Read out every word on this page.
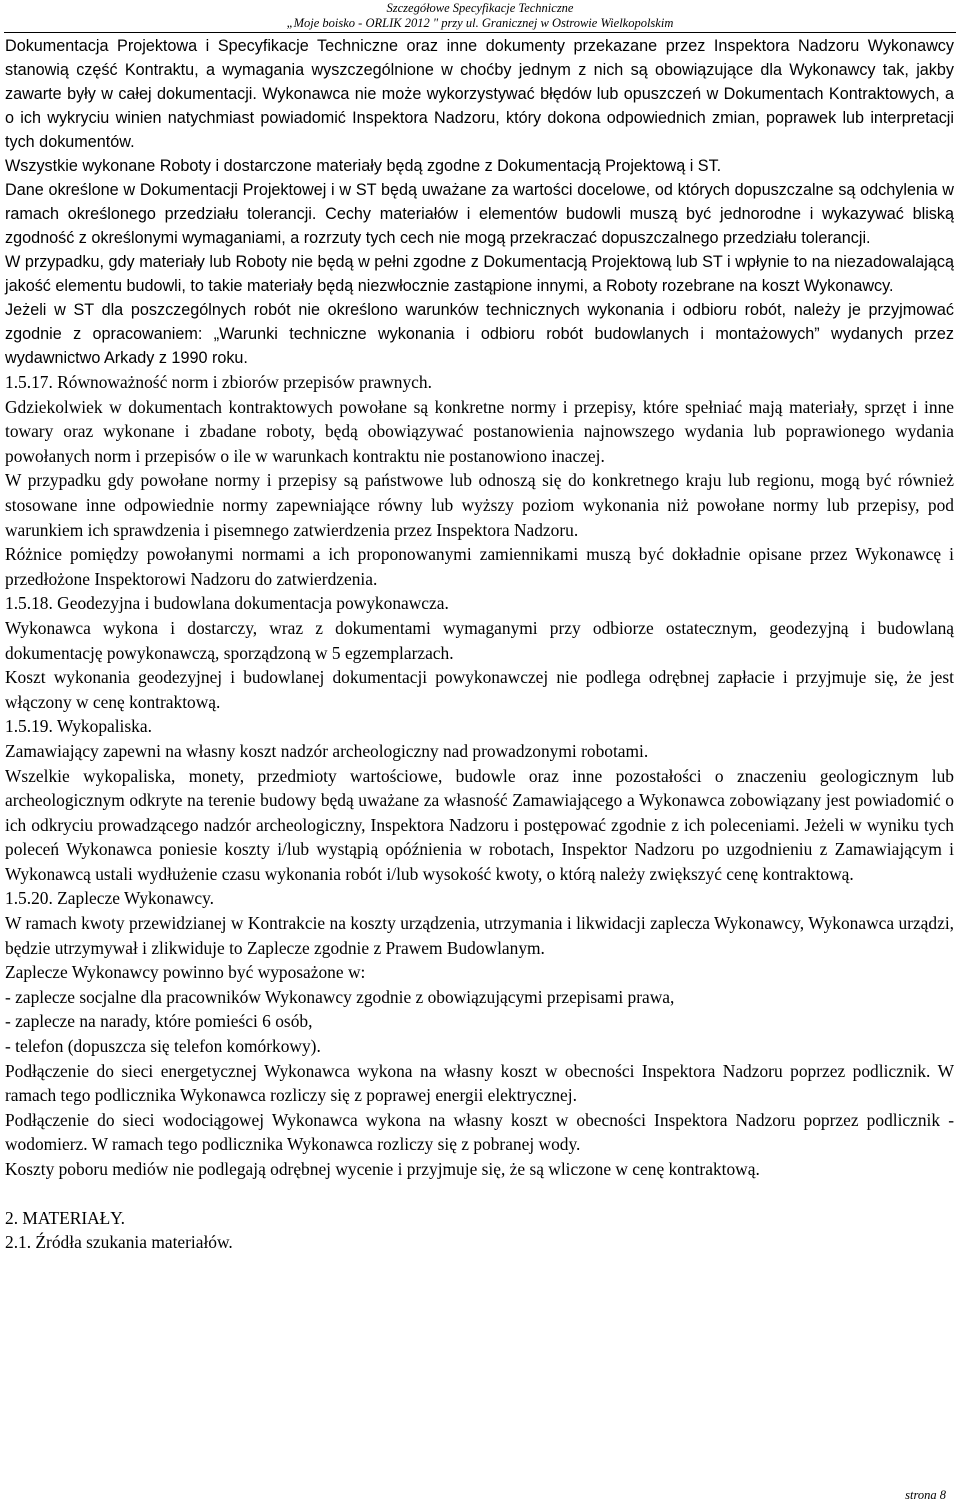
Szczegółowe Specyfikacje Techniczne
„Moje boisko - ORLIK 2012 " przy ul. Granicznej w Ostrowie Wielkopolskim

Dokumentacja Projektowa i Specyfikacje Techniczne oraz inne dokumenty przekazane przez Inspektora Nadzoru Wykonawcy stanowią część Kontraktu, a wymagania wyszczególnione w choćby jednym z nich są obowiązujące dla Wykonawcy tak, jakby zawarte były w całej dokumentacji. Wykonawca nie może wykorzystywać błędów lub opuszczeń w Dokumentach Kontraktowych, a o ich wykryciu winien natychmiast powiadomić Inspektora Nadzoru, który dokona odpowiednich zmian, poprawek lub interpretacji tych dokumentów.

Wszystkie wykonane Roboty i dostarczone materiały będą zgodne z Dokumentacją Projektową i ST.

Dane określone w Dokumentacji Projektowej i w ST będą uważane za wartości docelowe, od których dopuszczalne są odchylenia w ramach określonego przedziału tolerancji. Cechy materiałów i elementów budowli muszą być jednorodne i wykazywać bliską zgodność z określonymi wymaganiami, a rozrzuty tych cech nie mogą przekraczać dopuszczalnego przedziału tolerancji.

W przypadku, gdy materiały lub Roboty nie będą w pełni zgodne z Dokumentacją Projektową lub ST i wpłynie to na niezadowalającą jakość elementu budowli, to takie materiały będą niezwłocznie zastąpione innymi, a Roboty rozebrane na koszt Wykonawcy.

Jeżeli w ST dla poszczególnych robót nie określono warunków technicznych wykonania i odbioru robót, należy je przyjmować zgodnie z opracowaniem: „Warunki techniczne wykonania i odbioru robót budowlanych i montażowych” wydanych przez wydawnictwo Arkady z 1990 roku.

1.5.17. Równoważność norm i zbiorów przepisów prawnych.

Gdziekolwiek w dokumentach kontraktowych powołane są konkretne normy i przepisy, które spełniać mają materiały, sprzęt i inne towary oraz wykonane i zbadane roboty, będą obowiązywać postanowienia najnowszego wydania lub poprawionego wydania powołanych norm i przepisów o ile w warunkach kontraktu nie postanowiono inaczej.

W przypadku gdy powołane normy i przepisy są państwowe lub odnoszą się do konkretnego kraju lub regionu, mogą być również stosowane inne odpowiednie normy zapewniające równy lub wyższy poziom wykonania niż powołane normy lub przepisy, pod warunkiem ich sprawdzenia i pisemnego zatwierdzenia przez Inspektora Nadzoru.

Różnice pomiędzy powołanymi normami a ich proponowanymi zamiennikami muszą być dokładnie opisane przez Wykonawcę i przedłożone Inspektorowi Nadzoru do zatwierdzenia.

1.5.18. Geodezyjna i budowlana dokumentacja powykonawcza.

Wykonawca wykona i dostarczy, wraz z dokumentami wymaganymi przy odbiorze ostatecznym, geodezyjną i budowlaną dokumentację powykonawczą, sporządzoną w 5 egzemplarzach.

Koszt wykonania geodezyjnej i budowlanej dokumentacji powykonawczej nie podlega odrębnej zapłacie i przyjmuje się, że jest włączony w cenę kontraktową.

1.5.19. Wykopaliska.

Zamawiający zapewni na własny koszt nadzór archeologiczny nad prowadzonymi robotami.

Wszelkie wykopaliska, monety, przedmioty wartościowe, budowle oraz inne pozostałości o znaczeniu geologicznym lub archeologicznym odkryte na terenie budowy będą uważane za własność Zamawiającego a Wykonawca zobowiązany jest powiadomić o ich odkryciu prowadzącego nadzór archeologiczny, Inspektora Nadzoru i postępować zgodnie z ich poleceniami. Jeżeli w wyniku tych poleceń Wykonawca poniesie koszty i/lub wystąpią opóźnienia w robotach, Inspektor Nadzoru po uzgodnieniu z Zamawiającym i Wykonawcą ustali wydłużenie czasu wykonania robót i/lub wysokość kwoty, o którą należy zwiększyć cenę kontraktową.

1.5.20. Zaplecze Wykonawcy.

W ramach kwoty przewidzianej w Kontrakcie na koszty urządzenia, utrzymania i likwidacji zaplecza Wykonawcy, Wykonawca urządzi, będzie utrzymywał i zlikwiduje to Zaplecze zgodnie z Prawem Budowlanym.

Zaplecze Wykonawcy powinno być wyposażone w:

- zaplecze socjalne dla pracowników Wykonawcy zgodnie z obowiązującymi przepisami prawa,

- zaplecze na narady, które pomieści 6 osób,

- telefon (dopuszcza się telefon komórkowy).

Podłączenie do sieci energetycznej Wykonawca wykona na własny koszt w obecności Inspektora Nadzoru poprzez podlicznik. W ramach tego podlicznika Wykonawca rozliczy się z poprawej energii elektrycznej.

Podłączenie do sieci wodociągowej Wykonawca wykona na własny koszt w obecności Inspektora Nadzoru poprzez podlicznik - wodomierz. W ramach tego podlicznika Wykonawca rozliczy się z pobranej wody.

Koszty poboru mediów nie podlegają odrębnej wycenie i przyjmuje się, że są wliczone w cenę kontraktową.

2. MATERIAŁY.

2.1. Źródła szukania materiałów.

strona 8
